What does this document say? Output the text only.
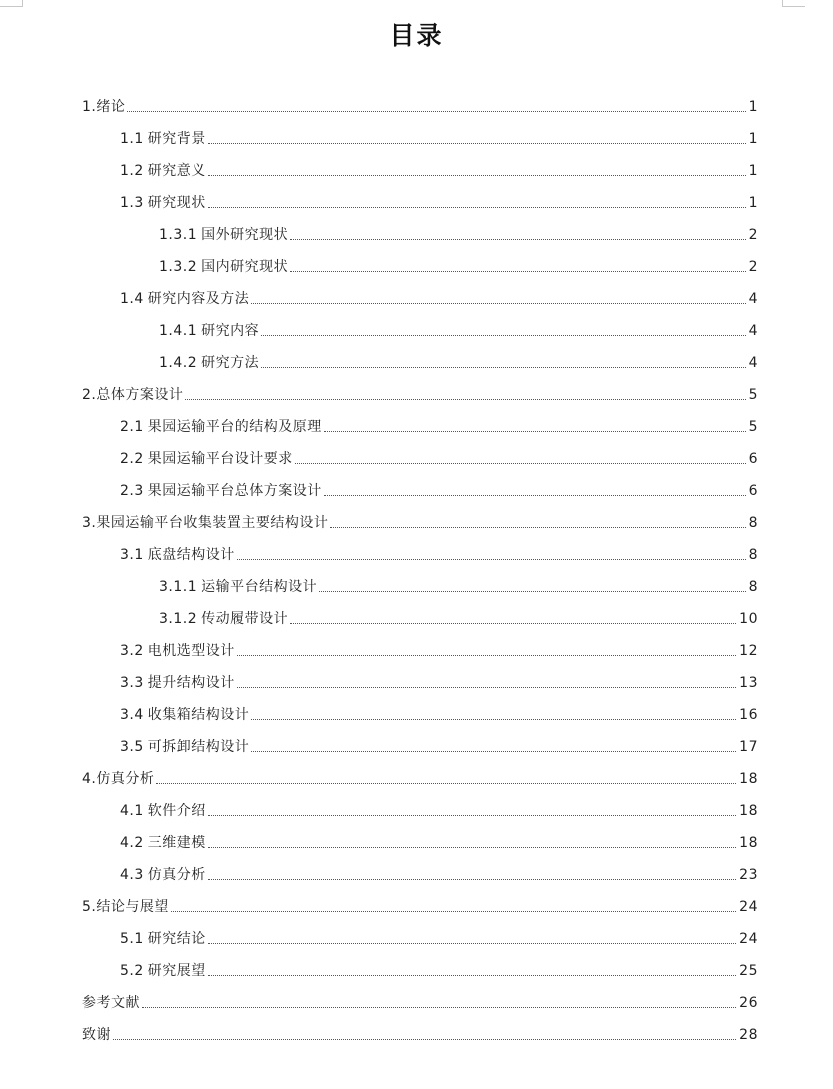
目录
1.绪论	1
1.1 研究背景	1
1.2 研究意义	1
1.3 研究现状	1
1.3.1 国外研究现状	2
1.3.2 国内研究现状	2
1.4 研究内容及方法	4
1.4.1 研究内容	4
1.4.2 研究方法	4
2.总体方案设计	5
2.1 果园运输平台的结构及原理	5
2.2 果园运输平台设计要求	6
2.3 果园运输平台总体方案设计	6
3.果园运输平台收集装置主要结构设计	8
3.1 底盘结构设计	8
3.1.1 运输平台结构设计	8
3.1.2 传动履带设计	10
3.2 电机选型设计	12
3.3 提升结构设计	13
3.4 收集箱结构设计	16
3.5 可拆卸结构设计	17
4.仿真分析	18
4.1 软件介绍	18
4.2 三维建模	18
4.3 仿真分析	23
5.结论与展望	24
5.1 研究结论	24
5.2 研究展望	25
参考文献	26
致谢	28
